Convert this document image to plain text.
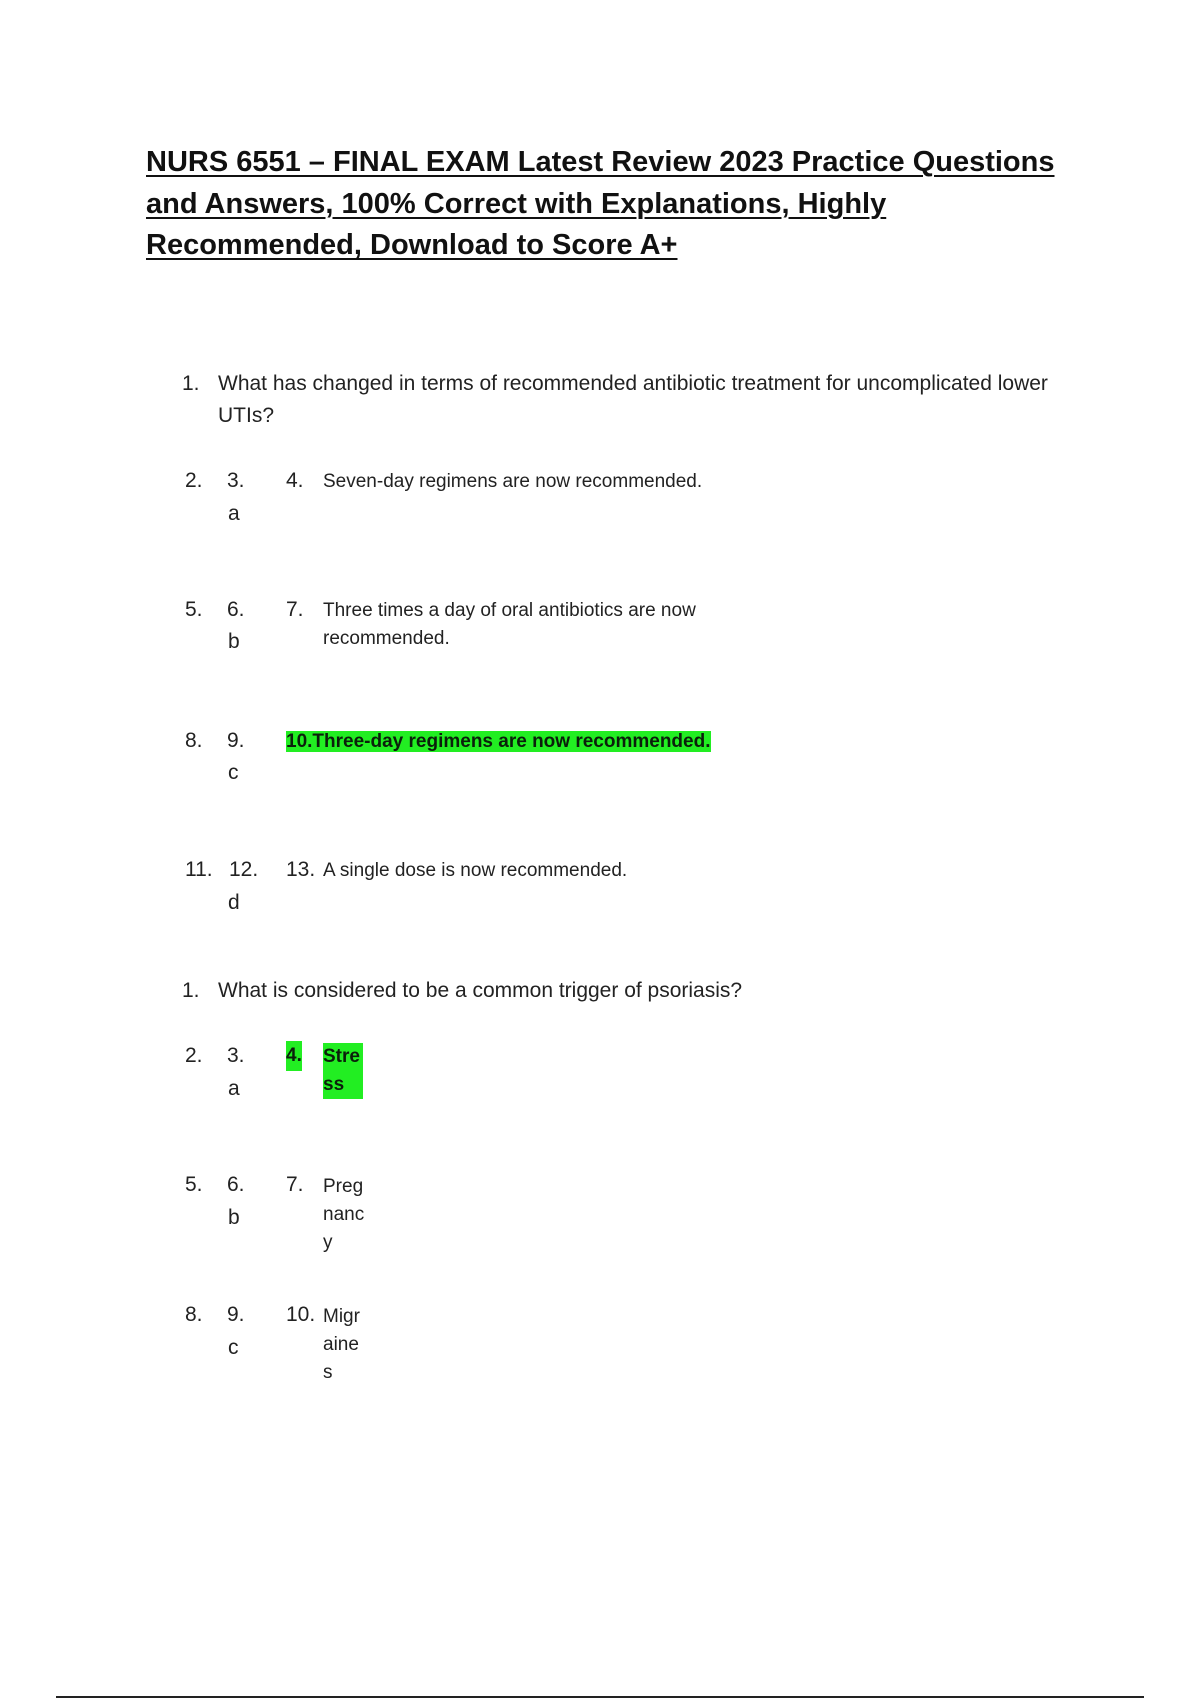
NURS 6551 – FINAL EXAM Latest Review 2023 Practice Questions and Answers, 100% Correct with Explanations, Highly Recommended, Download to Score A+
1. What has changed in terms of recommended antibiotic treatment for uncomplicated lower UTIs?
2. 3.
a
4. Seven-day regimens are now recommended.
5. 6.
b
7. Three times a day of oral antibiotics are now recommended.
8. 9.
c
10.Three-day regimens are now recommended.
11. 12.
d
13. A single dose is now recommended.
1. What is considered to be a common trigger of psoriasis?
2. 3.
a
4. Stress
5. 6.
b
7. Pregnancy
8. 9.
c
10. Migraines
